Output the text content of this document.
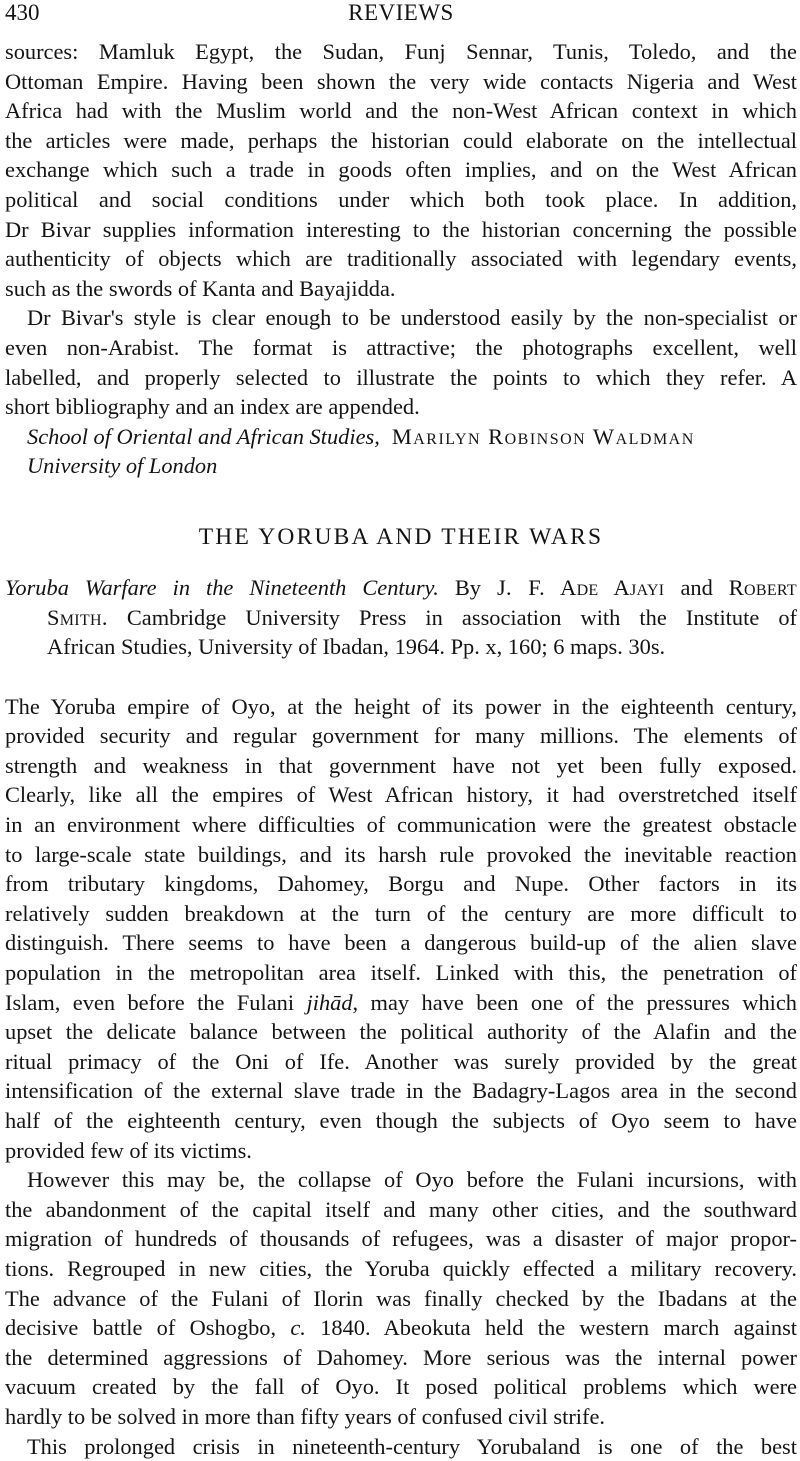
430	REVIEWS
sources: Mamluk Egypt, the Sudan, Funj Sennar, Tunis, Toledo, and the
Ottoman Empire. Having been shown the very wide contacts Nigeria and West
Africa had with the Muslim world and the non-West African context in which
the articles were made, perhaps the historian could elaborate on the intellectual
exchange which such a trade in goods often implies, and on the West African
political and social conditions under which both took place. In addition,
Dr Bivar supplies information interesting to the historian concerning the possible
authenticity of objects which are traditionally associated with legendary events,
such as the swords of Kanta and Bayajidda.
Dr Bivar's style is clear enough to be understood easily by the non-specialist or
even non-Arabist. The format is attractive; the photographs excellent, well
labelled, and properly selected to illustrate the points to which they refer. A
short bibliography and an index are appended.
School of Oriental and African Studies, Marilyn Robinson Waldman
University of London
THE YORUBA AND THEIR WARS
Yoruba Warfare in the Nineteenth Century. By J. F. Ade Ajayi and Robert
Smith. Cambridge University Press in association with the Institute of
African Studies, University of Ibadan, 1964. Pp. x, 160; 6 maps. 30s.
The Yoruba empire of Oyo, at the height of its power in the eighteenth century,
provided security and regular government for many millions. The elements of
strength and weakness in that government have not yet been fully exposed.
Clearly, like all the empires of West African history, it had overstretched itself
in an environment where difficulties of communication were the greatest obstacle
to large-scale state buildings, and its harsh rule provoked the inevitable reaction
from tributary kingdoms, Dahomey, Borgu and Nupe. Other factors in its
relatively sudden breakdown at the turn of the century are more difficult to
distinguish. There seems to have been a dangerous build-up of the alien slave
population in the metropolitan area itself. Linked with this, the penetration of
Islam, even before the Fulani jihād, may have been one of the pressures which
upset the delicate balance between the political authority of the Alafin and the
ritual primacy of the Oni of Ife. Another was surely provided by the great
intensification of the external slave trade in the Badagry-Lagos area in the second
half of the eighteenth century, even though the subjects of Oyo seem to have
provided few of its victims.
However this may be, the collapse of Oyo before the Fulani incursions, with
the abandonment of the capital itself and many other cities, and the southward
migration of hundreds of thousands of refugees, was a disaster of major propor-
tions. Regrouped in new cities, the Yoruba quickly effected a military recovery.
The advance of the Fulani of Ilorin was finally checked by the Ibadans at the
decisive battle of Oshogbo, c. 1840. Abeokuta held the western march against
the determined aggressions of Dahomey. More serious was the internal power
vacuum created by the fall of Oyo. It posed political problems which were
hardly to be solved in more than fifty years of confused civil strife.
This prolonged crisis in nineteenth-century Yorubaland is one of the best
